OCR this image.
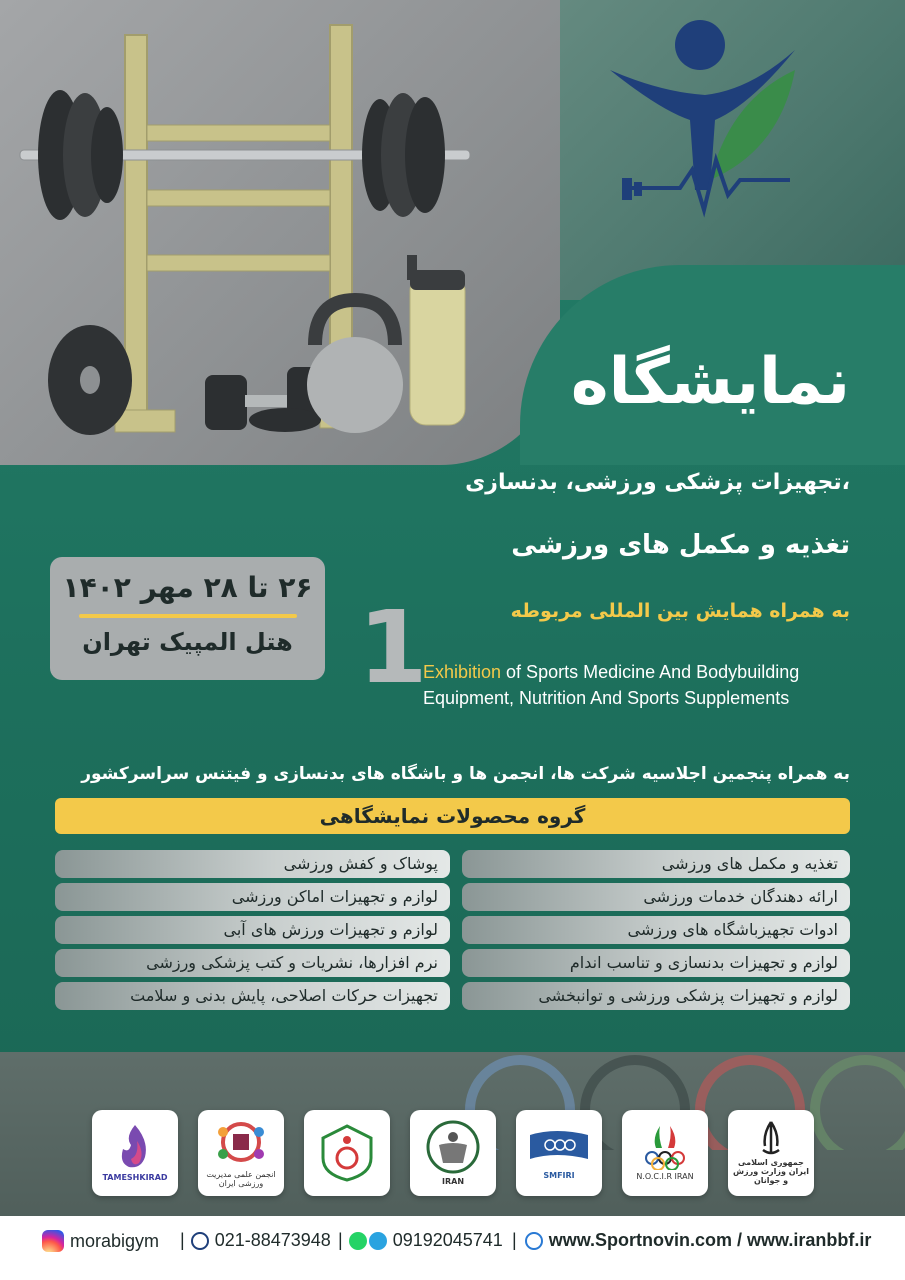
نمایشگاه
تجهیزات پزشکی ورزشی، بدنسازی،
تغذیه و مکمل های ورزشی
۲۶ تا ۲۸ مهر ۱۴۰۲
هتل المپیک تهران 1	به همراه همایش بین المللی مربوطه
Exhibition of Sports Medicine And Bodybuilding
Equipment, Nutrition And Sports Supplements
به همراه پنجمین اجلاسیه شرکت ها، انجمن ها و باشگاه های بدنسازی و فیتنس سراسرکشور
گروه محصولات نمایشگاهی
تغذیه و مکمل های ورزشی
ارائه دهندگان خدمات ورزشی
ادوات تجهیزباشگاه های ورزشی
لوازم و تجهیزات بدنسازی و تناسب اندام
لوازم و تجهیزات پزشکی ورزشی و توانبخشی
پوشاک و کفش ورزشی
لوازم و تجهیزات اماکن ورزشی
لوازم و تجهیزات ورزش های آبی
نرم افزارها، نشریات و کتب پزشکی ورزشی
تجهیزات حرکات اصلاحی، پایش بدنی و سلامت
TAMESHKIRAD	انجمن علمی مدیریت ورزشی ایران	IRAN
SMFIRI	N.O.C.I.R IRAN
جمهوری اسلامی ایران وزارت ورزش و جوانان
morabigym | 021-88473948 |	09192045741 | www.Sportnovin.com / www.iranbbf.ir
